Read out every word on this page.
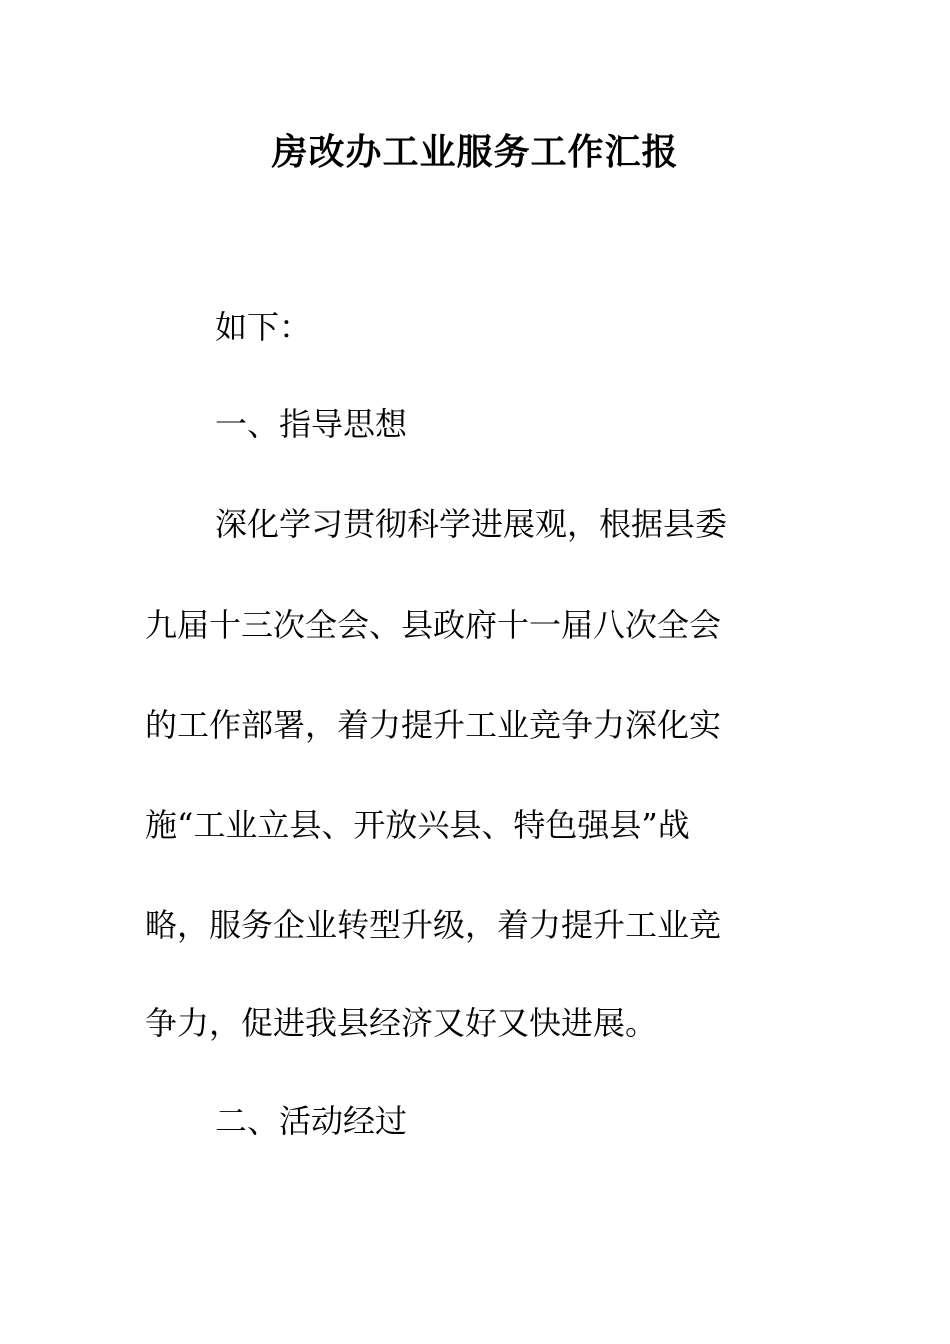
房改办工业服务工作汇报

如下：

一、指导思想

深化学习贯彻科学进展观，根据县委

九届十三次全会、县政府十一届八次全会

的工作部署，着力提升工业竞争力深化实

施“工业立县、开放兴县、特色强县”战

略，服务企业转型升级，着力提升工业竞

争力，促进我县经济又好又快进展。

二、活动经过
